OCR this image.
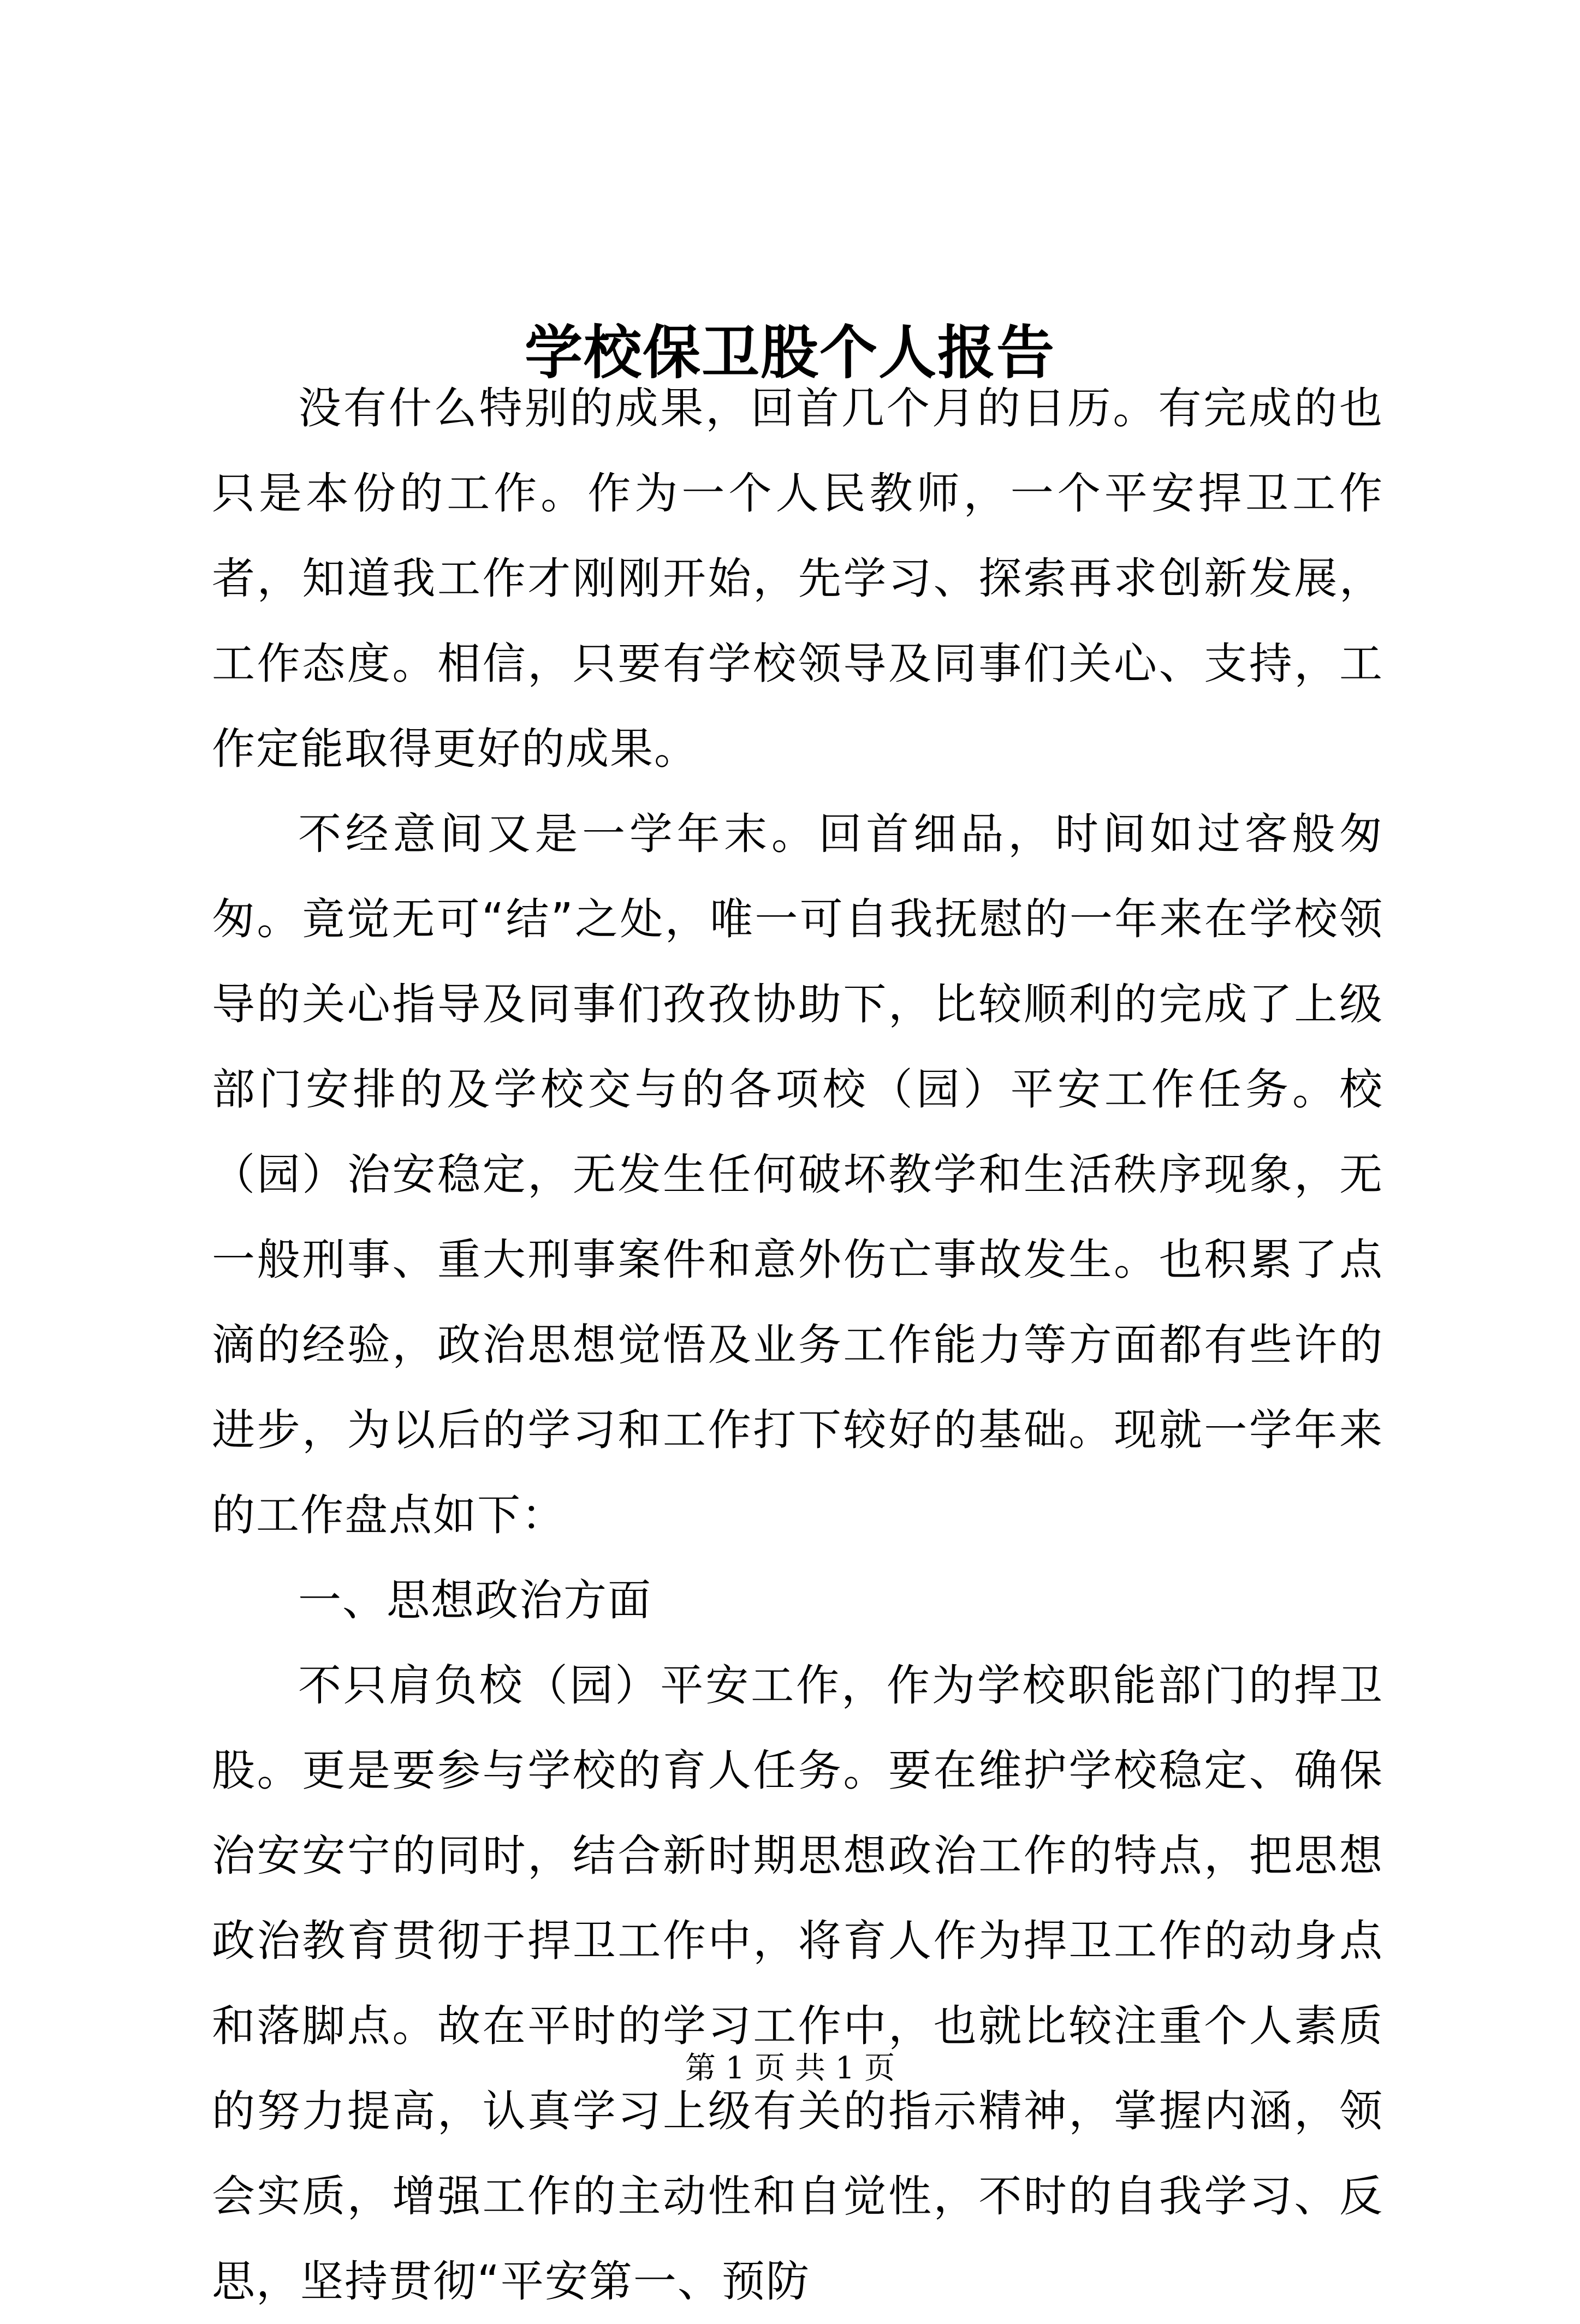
学校保卫股个人报告

没有什么特别的成果，回首几个月的日历。有完成的也只是本份的工作。作为一个人民教师，一个平安捍卫工作者，知道我工作才刚刚开始，先学习、探索再求创新发展，工作态度。相信，只要有学校领导及同事们关心、支持，工作定能取得更好的成果。

不经意间又是一学年末。回首细品，时间如过客般匆匆。竟觉无可“结”之处，唯一可自我抚慰的一年来在学校领导的关心指导及同事们孜孜协助下，比较顺利的完成了上级部门安排的及学校交与的各项校（园）平安工作任务。校（园）治安稳定，无发生任何破坏教学和生活秩序现象，无一般刑事、重大刑事案件和意外伤亡事故发生。也积累了点滴的经验，政治思想觉悟及业务工作能力等方面都有些许的进步，为以后的学习和工作打下较好的基础。现就一学年来的工作盘点如下：

一、思想政治方面

不只肩负校（园）平安工作，作为学校职能部门的捍卫股。更是要参与学校的育人任务。要在维护学校稳定、确保治安安宁的同时，结合新时期思想政治工作的特点，把思想政治教育贯彻于捍卫工作中，将育人作为捍卫工作的动身点和落脚点。故在平时的学习工作中，也就比较注重个人素质的努力提高，认真学习上级有关的指示精神，掌握内涵，领会实质，增强工作的主动性和自觉性，不时的自我学习、反思，坚持贯彻“平安第一、预防

第 1 页 共 1 页
